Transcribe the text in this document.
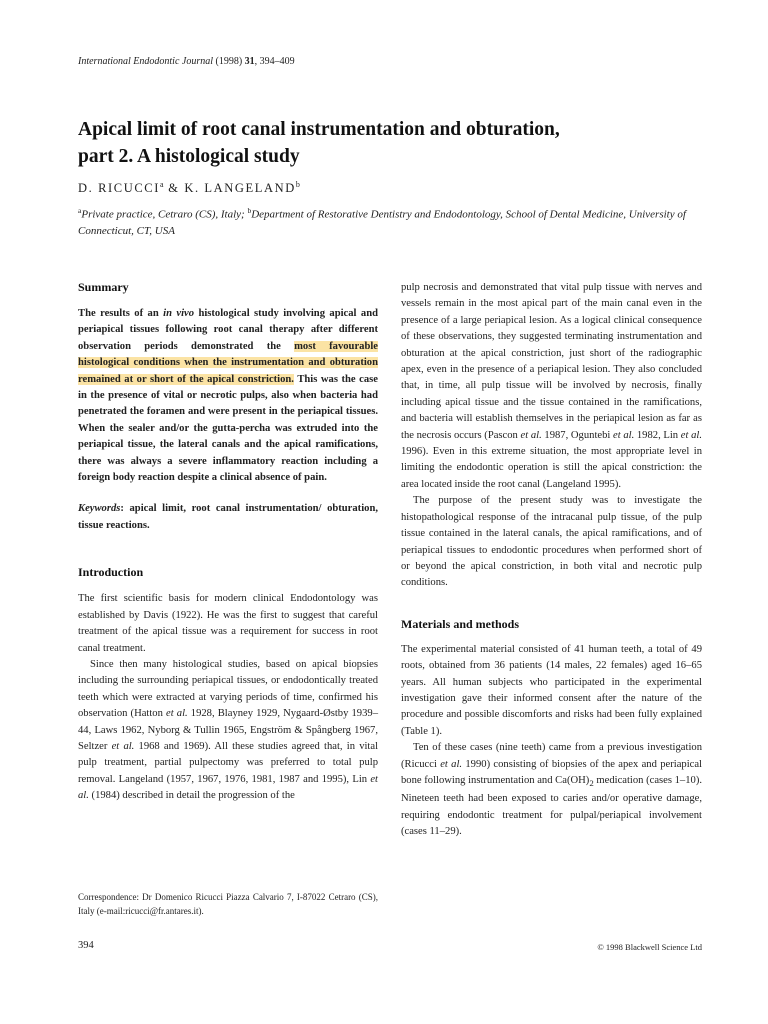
International Endodontic Journal (1998) 31, 394–409
Apical limit of root canal instrumentation and obturation,
part 2. A histological study
D. RICUCCI$^a$ & K. LANGELAND$^b$
$^a$Private practice, Cetraro (CS), Italy; $^b$Department of Restorative Dentistry and Endodontology, School of Dental Medicine, University of Connecticut, CT, USA
Summary

The results of an in vivo histological study involving apical and periapical tissues following root canal therapy after different observation periods demonstrated the most favourable histological conditions when the instrumentation and obturation remained at or short of the apical constriction. This was the case in the presence of vital or necrotic pulps, also when bacteria had penetrated the foramen and were present in the periapical tissues. When the sealer and/or the gutta-percha was extruded into the periapical tissue, the lateral canals and the apical ramifications, there was always a severe inflammatory reaction including a foreign body reaction despite a clinical absence of pain.

Keywords: apical limit, root canal instrumentation/ obturation, tissue reactions.

Introduction

The first scientific basis for modern clinical Endodontology was established by Davis (1922). He was the first to suggest that careful treatment of the apical tissue was a requirement for success in root canal treatment.

Since then many histological studies, based on apical biopsies including the surrounding periapical tissues, or endodontically treated teeth which were extracted at varying periods of time, confirmed his observation (Hatton et al. 1928, Blayney 1929, Nygaard-Østby 1939–44, Laws 1962, Nyborg & Tullin 1965, Engström & Spångberg 1967, Seltzer et al. 1968 and 1969). All these studies agreed that, in vital pulp treatment, partial pulpectomy was preferred to total pulp removal. Langeland (1957, 1967, 1976, 1981, 1987 and 1995), Lin et al. (1984) described in detail the progression of the

pulp necrosis and demonstrated that vital pulp tissue with nerves and vessels remain in the most apical part of the main canal even in the presence of a large periapical lesion. As a logical clinical consequence of these observations, they suggested terminating instrumentation and obturation at the apical constriction, just short of the radiographic apex, even in the presence of a periapical lesion. They also concluded that, in time, all pulp tissue will be involved by necrosis, finally including apical tissue and the tissue contained in the ramifications, and bacteria will establish themselves in the periapical lesion as far as the necrosis occurs (Pascon et al. 1987, Oguntebi et al. 1982, Lin et al. 1996). Even in this extreme situation, the most appropriate level in limiting the endodontic operation is still the apical constriction: the area located inside the root canal (Langeland 1995).

The purpose of the present study was to investigate the histopathological response of the intracanal pulp tissue, of the pulp tissue contained in the lateral canals, the apical ramifications, and of periapical tissues to endodontic procedures when performed short of or beyond the apical constriction, in both vital and necrotic pulp conditions.

Materials and methods

The experimental material consisted of 41 human teeth, a total of 49 roots, obtained from 36 patients (14 males, 22 females) aged 16–65 years. All human subjects who participated in the experimental investigation gave their informed consent after the nature of the procedure and possible discomforts and risks had been fully explained (Table 1).

Ten of these cases (nine teeth) came from a previous investigation (Ricucci et al. 1990) consisting of biopsies of the apex and periapical bone following instrumentation and $Ca(OH)_2$ medication (cases 1–10). Nineteen teeth had been exposed to caries and/or operative damage, requiring endodontic treatment for pulpal/periapical involvement (cases 11–29).

Correspondence: Dr Domenico Ricucci Piazza Calvario 7, I-87022 Cetraro (CS), Italy (e-mail:ricucci@fr.antares.it).
394	© 1998 Blackwell Science Ltd
